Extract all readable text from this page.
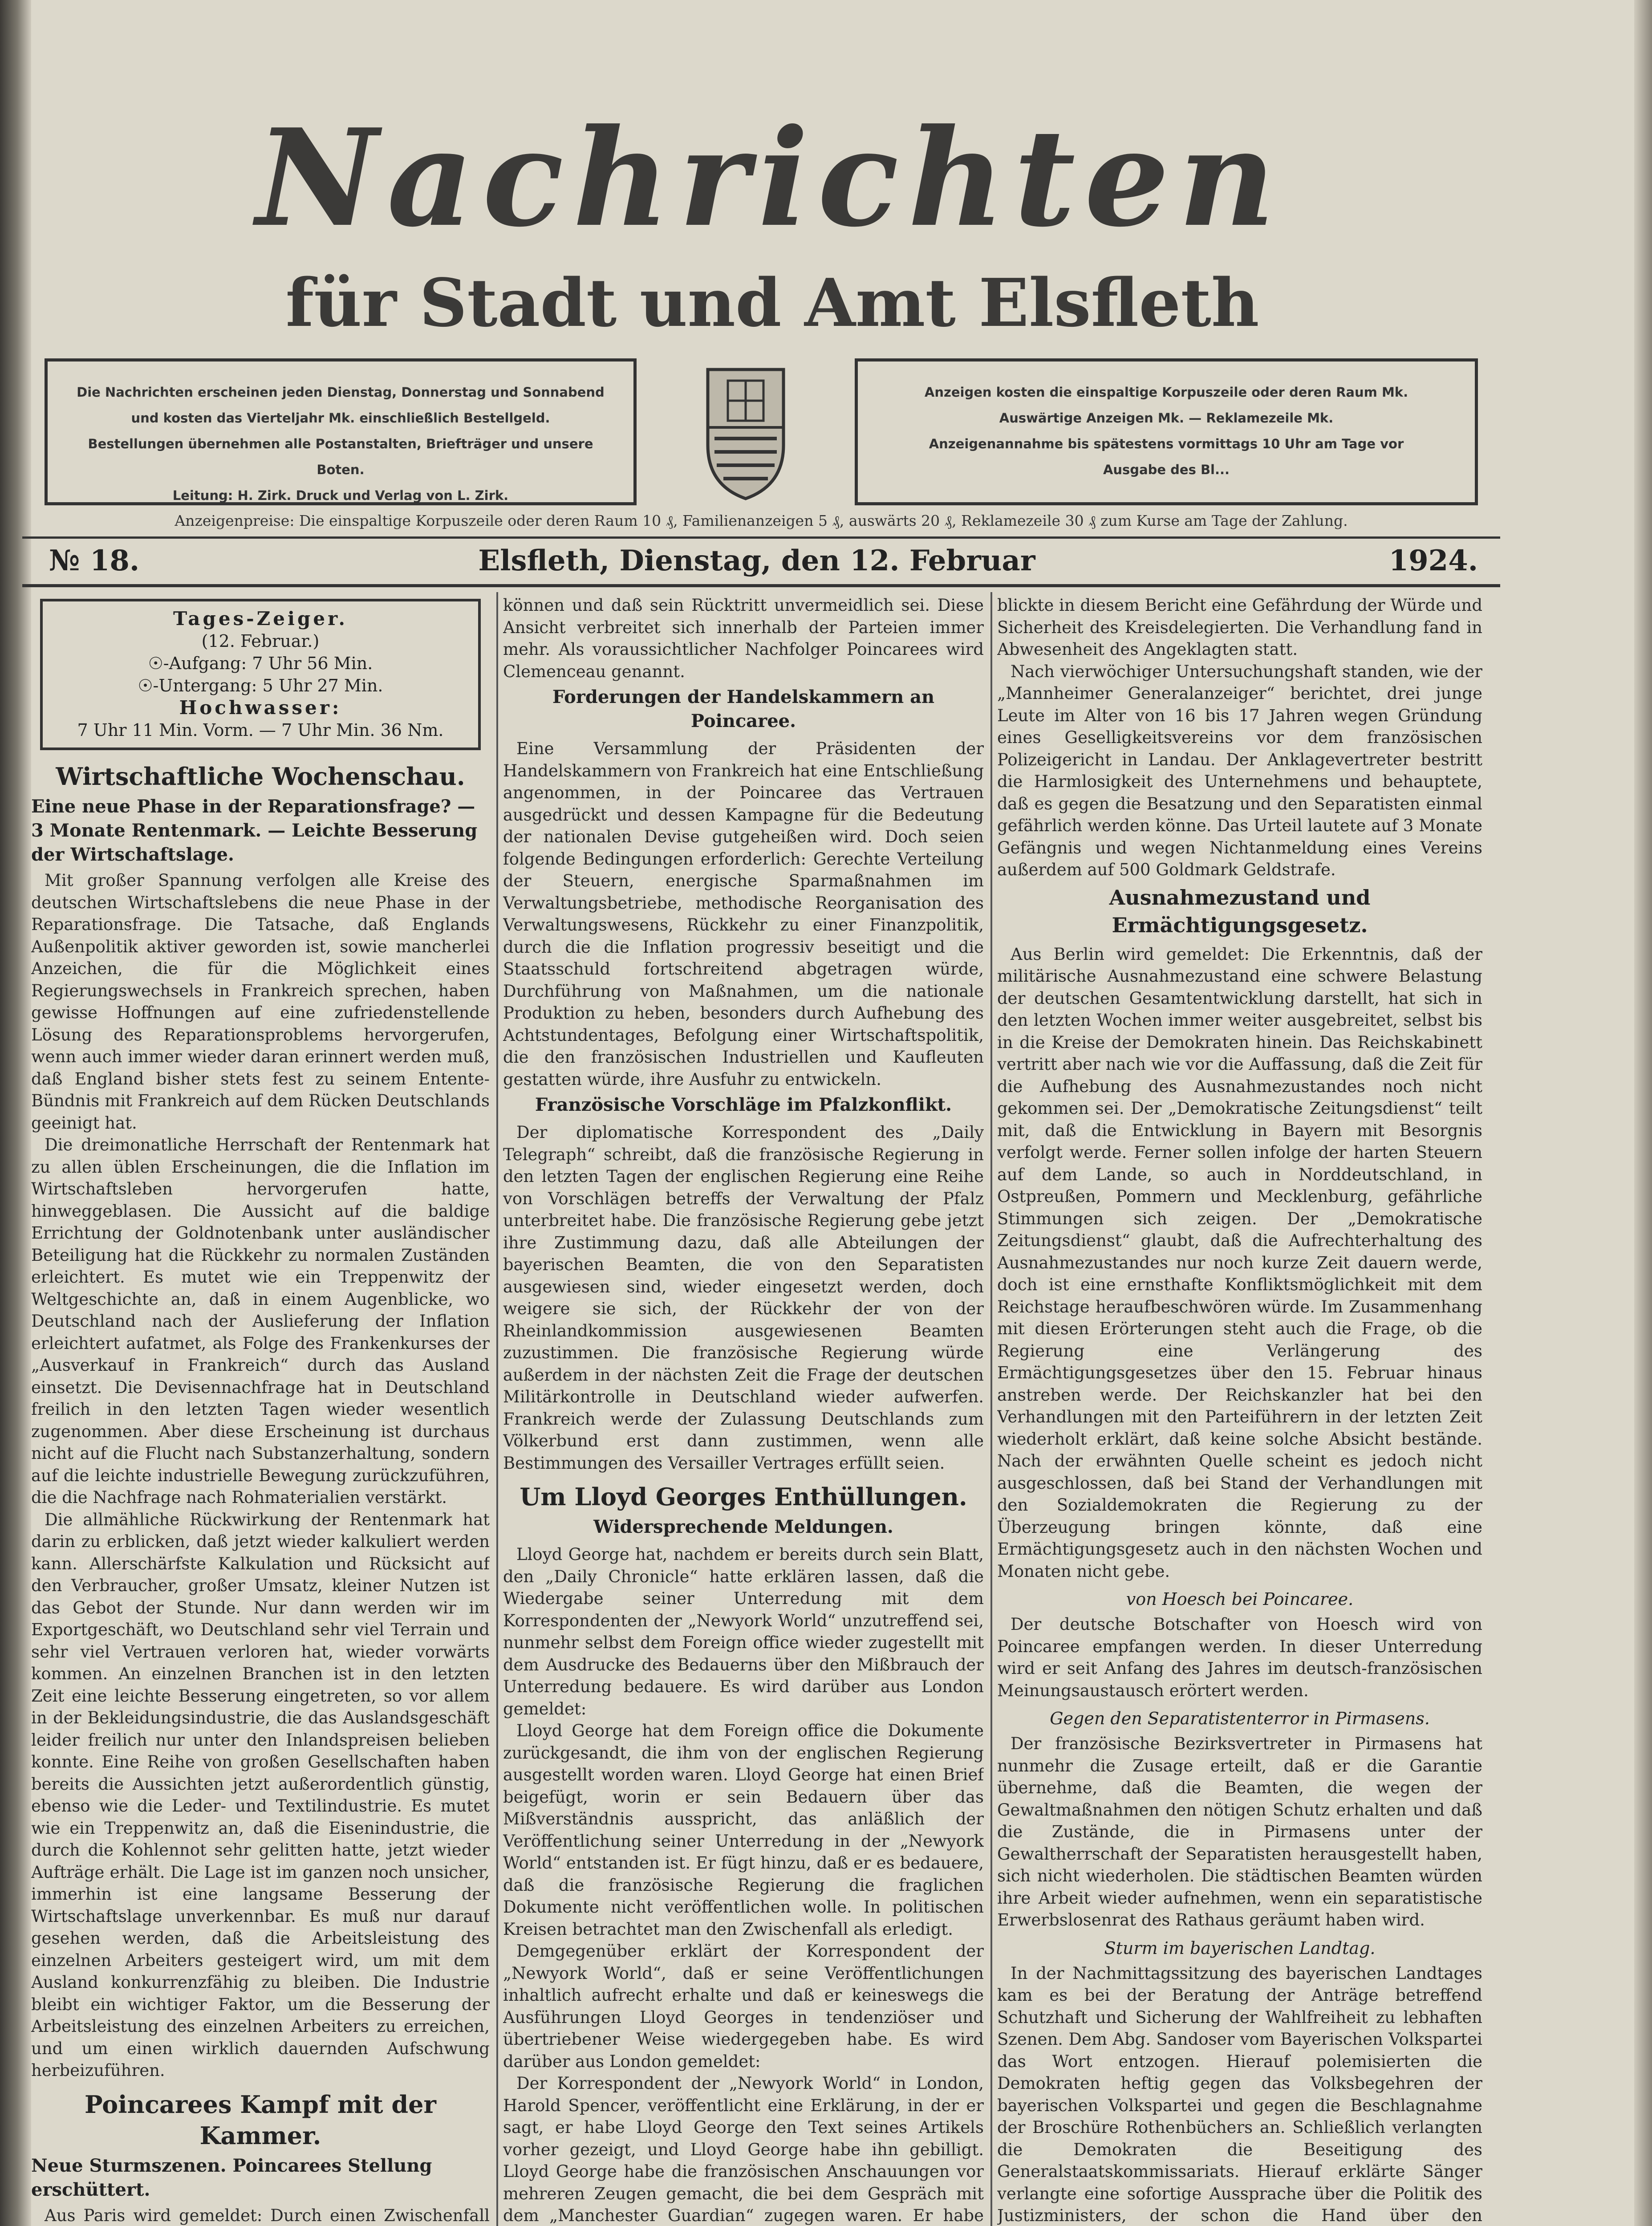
Nachrichten
für Stadt und Amt Elsfleth

Die Nachrichten erscheinen jeden Dienstag, Donnerstag und Sonnabend

und kosten das Vierteljahr Mk. einschließlich Bestellgeld.

Bestellungen übernehmen alle Postanstalten, Briefträger und unsere Boten.

Leitung: H. Zirk. Druck und Verlag von L. Zirk.

Anzeigen kosten die einspaltige Korpuszeile oder deren Raum Mk.

Auswärtige Anzeigen Mk. — Reklamezeile Mk.

Anzeigenannahme bis spätestens vormittags 10 Uhr am Tage vor

Ausgabe des Bl...

Anzeigenpreise: Die einspaltige Korpuszeile oder deren Raum 10 ₰, Familienanzeigen 5 ₰, auswärts 20 ₰, Reklamezeile 30 ₰ zum Kurse am Tage der Zahlung.
№ 18.	Elsfleth, Dienstag, den 12. Februar	1924.
Tages-Zeiger.
(12. Februar.)
☉-Aufgang: 7 Uhr 56 Min.
☉-Untergang: 5 Uhr 27 Min.
Hochwasser:
7 Uhr 11 Min. Vorm. — 7 Uhr Min. 36 Nm.
Wirtschaftliche Wochenschau.
Eine neue Phase in der Reparationsfrage? — 3 Monate Rentenmark. — Leichte Besserung der Wirtschaftslage.

Mit großer Spannung verfolgen alle Kreise des deutschen Wirtschaftslebens die neue Phase in der Reparationsfrage. Die Tatsache, daß Englands Außenpolitik aktiver geworden ist, sowie mancherlei Anzeichen, die für die Möglichkeit eines Regierungswechsels in Frankreich sprechen, haben gewisse Hoffnungen auf eine zufriedenstellende Lösung des Reparationsproblems hervorgerufen, wenn auch immer wieder daran erinnert werden muß, daß England bisher stets fest zu seinem Entente-Bündnis mit Frankreich auf dem Rücken Deutschlands geeinigt hat.

Die dreimonatliche Herrschaft der Rentenmark hat zu allen üblen Erscheinungen, die die Inflation im Wirtschaftsleben hervorgerufen hatte, hinweggeblasen. Die Aussicht auf die baldige Errichtung der Goldnotenbank unter ausländischer Beteiligung hat die Rückkehr zu normalen Zuständen erleichtert. Es mutet wie ein Treppenwitz der Weltgeschichte an, daß in einem Augenblicke, wo Deutschland nach der Auslieferung der Inflation erleichtert aufatmet, als Folge des Frankenkurses der „Ausverkauf in Frankreich“ durch das Ausland einsetzt. Die Devisennachfrage hat in Deutschland freilich in den letzten Tagen wieder wesentlich zugenommen. Aber diese Erscheinung ist durchaus nicht auf die Flucht nach Substanzerhaltung, sondern auf die leichte industrielle Bewegung zurückzuführen, die die Nachfrage nach Rohmaterialien verstärkt.

Die allmähliche Rückwirkung der Rentenmark hat darin zu erblicken, daß jetzt wieder kalkuliert werden kann. Allerschärfste Kalkulation und Rücksicht auf den Verbraucher, großer Umsatz, kleiner Nutzen ist das Gebot der Stunde. Nur dann werden wir im Exportgeschäft, wo Deutschland sehr viel Terrain und sehr viel Vertrauen verloren hat, wieder vorwärts kommen. An einzelnen Branchen ist in den letzten Zeit eine leichte Besserung eingetreten, so vor allem in der Bekleidungsindustrie, die das Auslandsgeschäft leider freilich nur unter den Inlandspreisen belieben konnte. Eine Reihe von großen Gesellschaften haben bereits die Aussichten jetzt außerordentlich günstig, ebenso wie die Leder- und Textilindustrie. Es mutet wie ein Treppenwitz an, daß die Eisenindustrie, die durch die Kohlennot sehr gelitten hatte, jetzt wieder Aufträge erhält. Die Lage ist im ganzen noch unsicher, immerhin ist eine langsame Besserung der Wirtschaftslage unverkennbar. Es muß nur darauf gesehen werden, daß die Arbeitsleistung des einzelnen Arbeiters gesteigert wird, um mit dem Ausland konkurrenzfähig zu bleiben. Die Industrie bleibt ein wichtiger Faktor, um die Besserung der Arbeitsleistung des einzelnen Arbeiters zu erreichen, und um einen wirklich dauernden Aufschwung herbeizuführen.

Poincarees Kampf mit der Kammer.
Neue Sturmszenen. Poincarees Stellung erschüttert.

Aus Paris wird gemeldet: Durch einen Zwischenfall

können und daß sein Rücktritt unvermeidlich sei. Diese Ansicht verbreitet sich innerhalb der Parteien immer mehr. Als voraussichtlicher Nachfolger Poincarees wird Clemenceau genannt.

Forderungen der Handelskammern an Poincaree.

Eine Versammlung der Präsidenten der Handelskammern von Frankreich hat eine Entschließung angenommen, in der Poincaree das Vertrauen ausgedrückt und dessen Kampagne für die Bedeutung der nationalen Devise gutgeheißen wird. Doch seien folgende Bedingungen erforderlich: Gerechte Verteilung der Steuern, energische Sparmaßnahmen im Verwaltungsbetriebe, methodische Reorganisation des Verwaltungswesens, Rückkehr zu einer Finanzpolitik, durch die die Inflation progressiv beseitigt und die Staatsschuld fortschreitend abgetragen würde, Durchführung von Maßnahmen, um die nationale Produktion zu heben, besonders durch Aufhebung des Achtstundentages, Befolgung einer Wirtschaftspolitik, die den französischen Industriellen und Kaufleuten gestatten würde, ihre Ausfuhr zu entwickeln.

Französische Vorschläge im Pfalzkonflikt.

Der diplomatische Korrespondent des „Daily Telegraph“ schreibt, daß die französische Regierung in den letzten Tagen der englischen Regierung eine Reihe von Vorschlägen betreffs der Verwaltung der Pfalz unterbreitet habe. Die französische Regierung gebe jetzt ihre Zustimmung dazu, daß alle Abteilungen der bayerischen Beamten, die von den Separatisten ausgewiesen sind, wieder eingesetzt werden, doch weigere sie sich, der Rückkehr der von der Rheinlandkommission ausgewiesenen Beamten zuzustimmen. Die französische Regierung würde außerdem in der nächsten Zeit die Frage der deutschen Militärkontrolle in Deutschland wieder aufwerfen. Frankreich werde der Zulassung Deutschlands zum Völkerbund erst dann zustimmen, wenn alle Bestimmungen des Versailler Vertrages erfüllt seien.

Um Lloyd Georges Enthüllungen.
Widersprechende Meldungen.

Lloyd George hat, nachdem er bereits durch sein Blatt, den „Daily Chronicle“ hatte erklären lassen, daß die Wiedergabe seiner Unterredung mit dem Korrespondenten der „Newyork World“ unzutreffend sei, nunmehr selbst dem Foreign office wieder zugestellt mit dem Ausdrucke des Bedauerns über den Mißbrauch der Unterredung bedauere. Es wird darüber aus London gemeldet:

Lloyd George hat dem Foreign office die Dokumente zurückgesandt, die ihm von der englischen Regierung ausgestellt worden waren. Lloyd George hat einen Brief beigefügt, worin er sein Bedauern über das Mißverständnis ausspricht, das anläßlich der Veröffentlichung seiner Unterredung in der „Newyork World“ entstanden ist. Er fügt hinzu, daß er es bedauere, daß die französische Regierung die fraglichen Dokumente nicht veröffentlichen wolle. In politischen Kreisen betrachtet man den Zwischenfall als erledigt.

Demgegenüber erklärt der Korrespondent der „Newyork World“, daß er seine Veröffentlichungen inhaltlich aufrecht erhalte und daß er keineswegs die Ausführungen Lloyd Georges in tendenziöser und übertriebener Weise wiedergegeben habe. Es wird darüber aus London gemeldet:

Der Korrespondent der „Newyork World“ in London, Harold Spencer, veröffentlicht eine Erklärung, in der er sagt, er habe Lloyd George den Text seines Artikels vorher gezeigt, und Lloyd George habe ihn gebilligt. Lloyd George habe die französischen Anschauungen vor mehreren Zeugen gemacht, die bei dem Gespräch mit dem „Manchester Guardian“ zugegen waren. Er habe

blickte in diesem Bericht eine Gefährdung der Würde und Sicherheit des Kreisdelegierten. Die Verhandlung fand in Abwesenheit des Angeklagten statt.

Nach vierwöchiger Untersuchungshaft standen, wie der „Mannheimer Generalanzeiger“ berichtet, drei junge Leute im Alter von 16 bis 17 Jahren wegen Gründung eines Geselligkeitsvereins vor dem französischen Polizeigericht in Landau. Der Anklagevertreter bestritt die Harmlosigkeit des Unternehmens und behauptete, daß es gegen die Besatzung und den Separatisten einmal gefährlich werden könne. Das Urteil lautete auf 3 Monate Gefängnis und wegen Nichtanmeldung eines Vereins außerdem auf 500 Goldmark Geldstrafe.

Ausnahmezustand und Ermächtigungsgesetz.

Aus Berlin wird gemeldet: Die Erkenntnis, daß der militärische Ausnahmezustand eine schwere Belastung der deutschen Gesamtentwicklung darstellt, hat sich in den letzten Wochen immer weiter ausgebreitet, selbst bis in die Kreise der Demokraten hinein. Das Reichskabinett vertritt aber nach wie vor die Auffassung, daß die Zeit für die Aufhebung des Ausnahmezustandes noch nicht gekommen sei. Der „Demokratische Zeitungsdienst“ teilt mit, daß die Entwicklung in Bayern mit Besorgnis verfolgt werde. Ferner sollen infolge der harten Steuern auf dem Lande, so auch in Norddeutschland, in Ostpreußen, Pommern und Mecklenburg, gefährliche Stimmungen sich zeigen. Der „Demokratische Zeitungsdienst“ glaubt, daß die Aufrechterhaltung des Ausnahmezustandes nur noch kurze Zeit dauern werde, doch ist eine ernsthafte Konfliktsmöglichkeit mit dem Reichstage heraufbeschwören würde. Im Zusammenhang mit diesen Erörterungen steht auch die Frage, ob die Regierung eine Verlängerung des Ermächtigungsgesetzes über den 15. Februar hinaus anstreben werde. Der Reichskanzler hat bei den Verhandlungen mit den Parteiführern in der letzten Zeit wiederholt erklärt, daß keine solche Absicht bestände. Nach der erwähnten Quelle scheint es jedoch nicht ausgeschlossen, daß bei Stand der Verhandlungen mit den Sozialdemokraten die Regierung zu der Überzeugung bringen könnte, daß eine Ermächtigungsgesetz auch in den nächsten Wochen und Monaten nicht gebe.

von Hoesch bei Poincaree.

Der deutsche Botschafter von Hoesch wird von Poincaree empfangen werden. In dieser Unterredung wird er seit Anfang des Jahres im deutsch-französischen Meinungsaustausch erörtert werden.

Gegen den Separatistenterror in Pirmasens.

Der französische Bezirksvertreter in Pirmasens hat nunmehr die Zusage erteilt, daß er die Garantie übernehme, daß die Beamten, die wegen der Gewaltmaßnahmen den nötigen Schutz erhalten und daß die Zustände, die in Pirmasens unter der Gewaltherrschaft der Separatisten herausgestellt haben, sich nicht wiederholen. Die städtischen Beamten würden ihre Arbeit wieder aufnehmen, wenn ein separatistische Erwerbslosenrat des Rathaus geräumt haben wird.

Sturm im bayerischen Landtag.

In der Nachmittagssitzung des bayerischen Landtages kam es bei der Beratung der Anträge betreffend Schutzhaft und Sicherung der Wahlfreiheit zu lebhaften Szenen. Dem Abg. Sandoser vom Bayerischen Volkspartei das Wort entzogen. Hierauf polemisierten die Demokraten heftig gegen das Volksbegehren der bayerischen Volkspartei und gegen die Beschlagnahme der Broschüre Rothenbüchers an. Schließlich verlangten die Demokraten die Beseitigung des Generalstaatskommissariats. Hierauf erklärte Sänger verlangte eine sofortige Aussprache über die Politik des Justizministers, der schon die Hand über den
